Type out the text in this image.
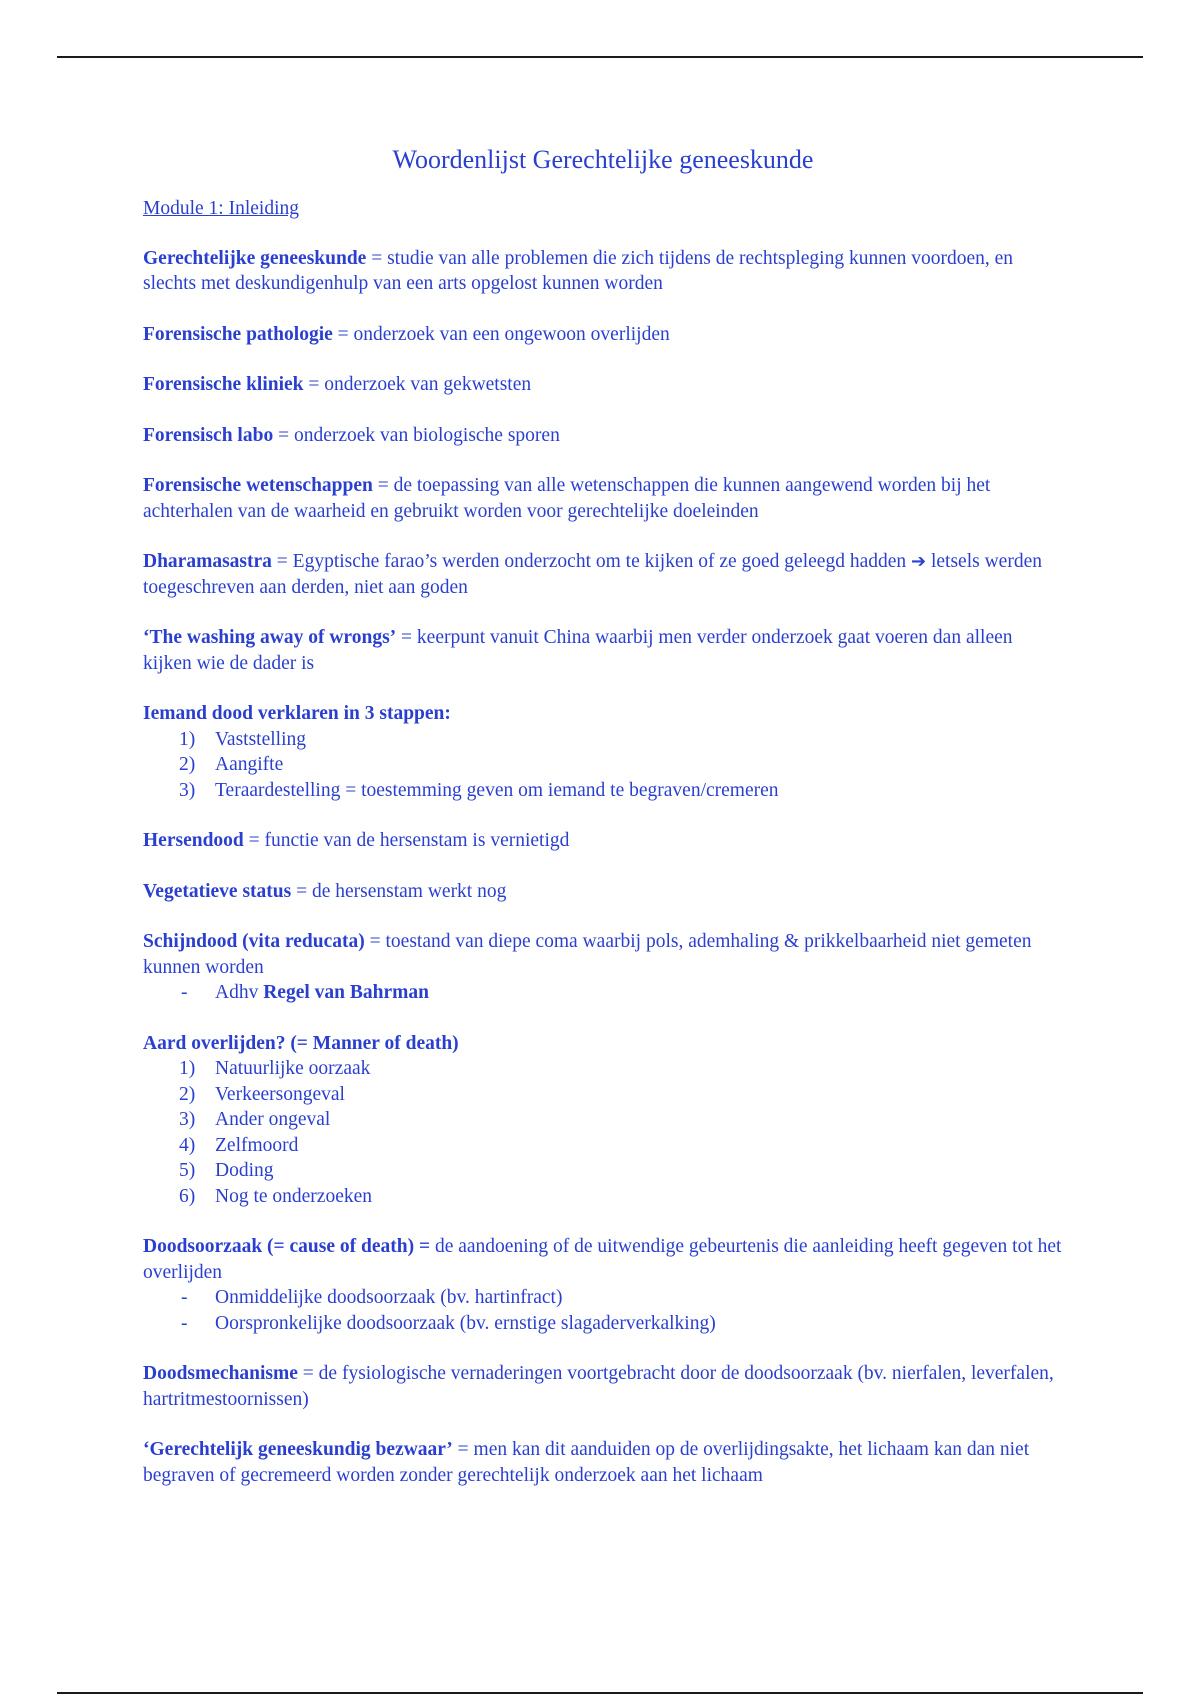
Woordenlijst Gerechtelijke geneeskunde
Module 1: Inleiding

Gerechtelijke geneeskunde = studie van alle problemen die zich tijdens de rechtspleging kunnen voordoen, en slechts met deskundigenhulp van een arts opgelost kunnen worden

Forensische pathologie = onderzoek van een ongewoon overlijden

Forensische kliniek = onderzoek van gekwetsten

Forensisch labo = onderzoek van biologische sporen

Forensische wetenschappen = de toepassing van alle wetenschappen die kunnen aangewend worden bij het achterhalen van de waarheid en gebruikt worden voor gerechtelijke doeleinden

Dharamasastra = Egyptische farao’s werden onderzocht om te kijken of ze goed geleegd hadden ➔ letsels werden toegeschreven aan derden, niet aan goden

‘The washing away of wrongs’ = keerpunt vanuit China waarbij men verder onderzoek gaat voeren dan alleen kijken wie de dader is

Iemand dood verklaren in 3 stappen:
1) Vaststelling
2) Aangifte
3) Teraardestelling = toestemming geven om iemand te begraven/cremeren

Hersendood = functie van de hersenstam is vernietigd

Vegetatieve status = de hersenstam werkt nog

Schijndood (vita reducata) = toestand van diepe coma waarbij pols, ademhaling & prikkelbaarheid niet gemeten kunnen worden
- Adhv Regel van Bahrman
Aard overlijden? (= Manner of death)
1) Natuurlijke oorzaak
2) Verkeersongeval
3) Ander ongeval
4) Zelfmoord
5) Doding
6) Nog te onderzoeken
Doodsoorzaak (= cause of death) = de aandoening of de uitwendige gebeurtenis die aanleiding heeft gegeven tot het overlijden
- Onmiddelijke doodsoorzaak (bv. hartinfract)
- Oorspronkelijke doodsoorzaak (bv. ernstige slagaderverkalking)

Doodsmechanisme = de fysiologische vernaderingen voortgebracht door de doodsoorzaak (bv. nierfalen, leverfalen, hartritmestoornissen)

‘Gerechtelijk geneeskundig bezwaar’ = men kan dit aanduiden op de overlijdingsakte, het lichaam kan dan niet begraven of gecremeerd worden zonder gerechtelijk onderzoek aan het lichaam
